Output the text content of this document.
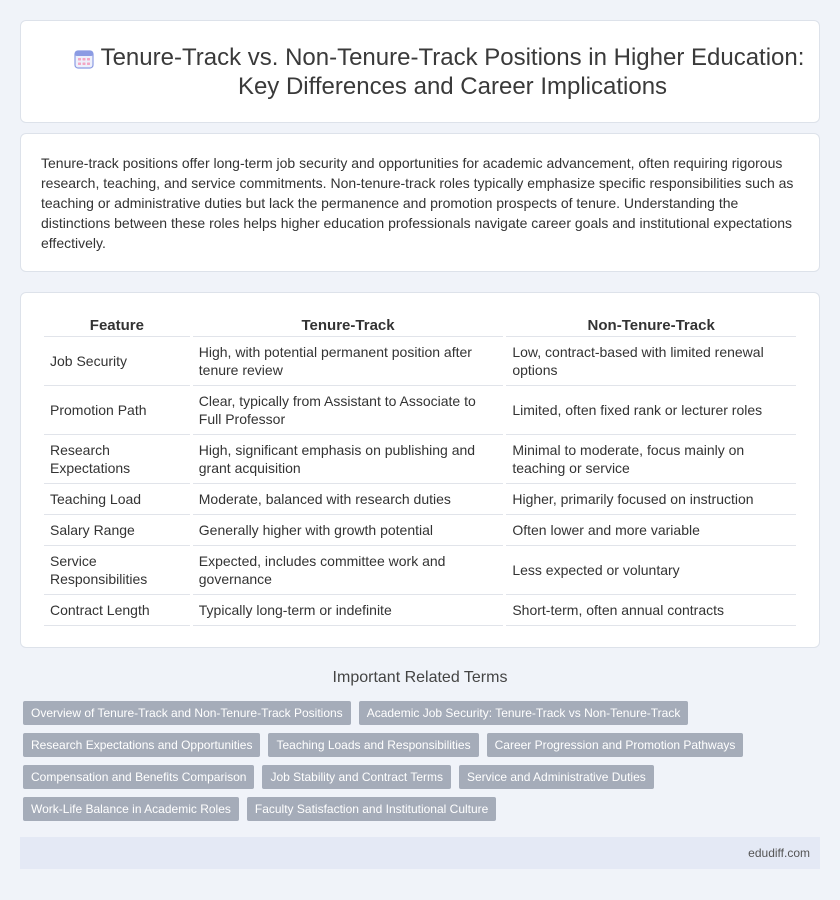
Tenure-Track vs. Non-Tenure-Track Positions in Higher Education: Key Differences and Career Implications

Tenure-track positions offer long-term job security and opportunities for academic advancement, often requiring rigorous research, teaching, and service commitments. Non-tenure-track roles typically emphasize specific responsibilities such as teaching or administrative duties but lack the permanence and promotion prospects of tenure. Understanding the distinctions between these roles helps higher education professionals navigate career goals and institutional expectations effectively.

Feature	Tenure-Track	Non-Tenure-Track
Job Security	High, with potential permanent position after tenure review	Low, contract-based with limited renewal options
Promotion Path	Clear, typically from Assistant to Associate to Full Professor	Limited, often fixed rank or lecturer roles
Research Expectations	High, significant emphasis on publishing and grant acquisition	Minimal to moderate, focus mainly on teaching or service
Teaching Load	Moderate, balanced with research duties	Higher, primarily focused on instruction
Salary Range	Generally higher with growth potential	Often lower and more variable
Service Responsibilities	Expected, includes committee work and governance	Less expected or voluntary
Contract Length	Typically long-term or indefinite	Short-term, often annual contracts
Important Related Terms
Overview of Tenure-Track and Non-Tenure-Track Positions	Academic Job Security: Tenure-Track vs Non-Tenure-Track
Research Expectations and Opportunities	Teaching Loads and Responsibilities	Career Progression and Promotion Pathways
Compensation and Benefits Comparison	Job Stability and Contract Terms	Service and Administrative Duties
Work-Life Balance in Academic Roles	Faculty Satisfaction and Institutional Culture
edudiff.com
